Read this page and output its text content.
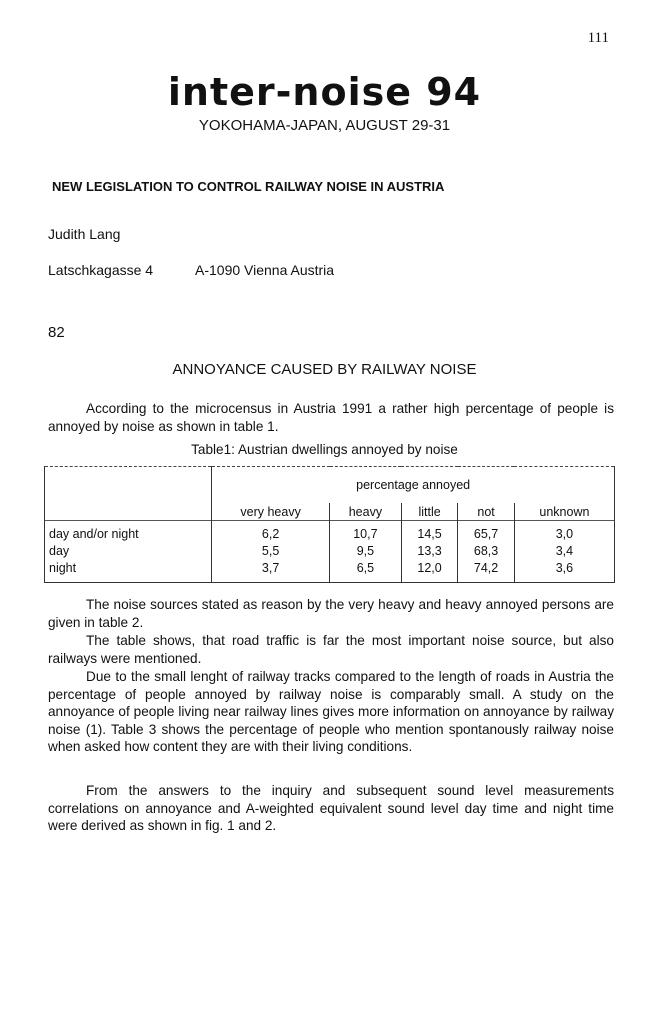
111
inter-noise 94
YOKOHAMA-JAPAN, AUGUST 29-31
NEW LEGISLATION TO CONTROL RAILWAY NOISE IN AUSTRIA
Judith Lang
Latschkagasse 4	A-1090 Vienna Austria
82
ANNOYANCE CAUSED BY RAILWAY NOISE
According to the microcensus in Austria 1991 a rather high percentage of people is annoyed by noise as shown in table 1.
Table1: Austrian dwellings annoyed by noise
	percentage annoyed				
	very heavy	heavy	little	not	unknown
day and/or night	6,2	10,7	14,5	65,7	3,0
day	5,5	9,5	13,3	68,3	3,4
night	3,7	6,5	12,0	74,2	3,6
The noise sources stated as reason by the very heavy and heavy annoyed persons are given in table 2.
The table shows, that road traffic is far the most important noise source, but also railways were mentioned.
Due to the small lenght of railway tracks compared to the length of roads in Austria the percentage of people annoyed by railway noise is comparably small. A study on the annoyance of people living near railway lines gives more information on annoyance by railway noise (1). Table 3 shows the percentage of people who mention spontanously railway noise when asked how content they are with their living conditions.
From the answers to the inquiry and subsequent sound level measurements correlations on annoyance and A-weighted equivalent sound level day time and night time were derived as shown in fig. 1 and 2.
